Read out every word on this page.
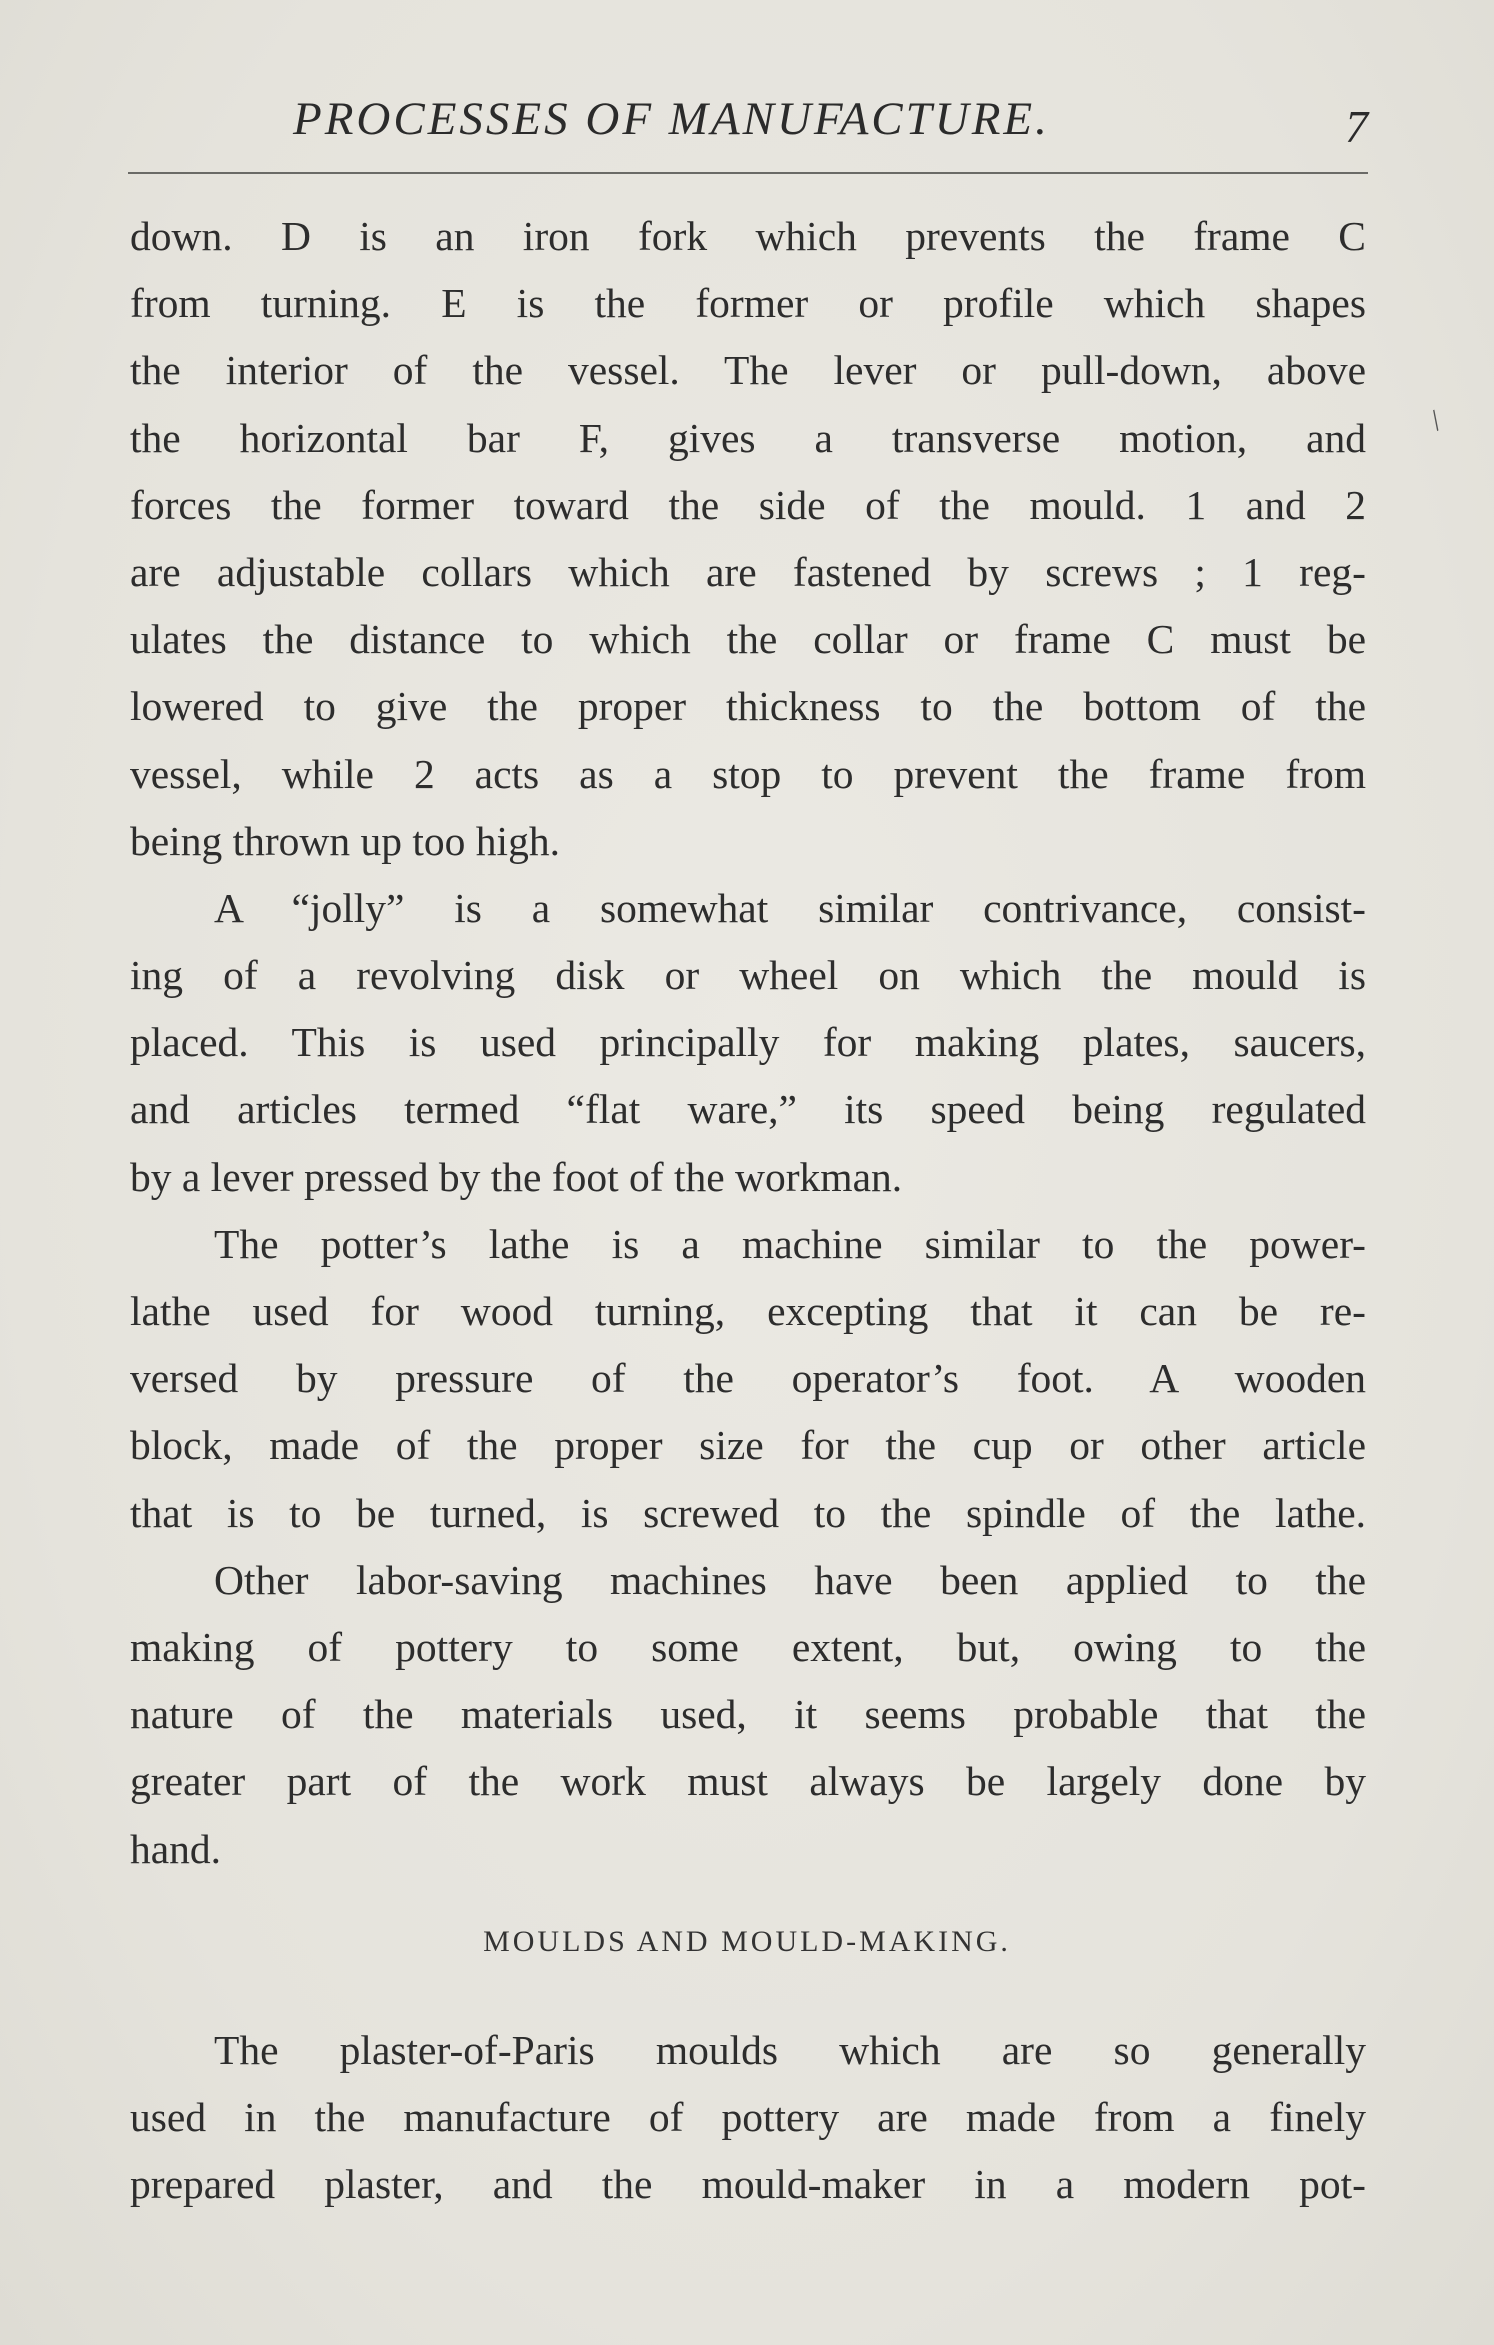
PROCESSES OF MANUFACTURE.	7
/
down. D is an iron fork which prevents the frame C
from turning. E is the former or profile which shapes
the interior of the vessel. The lever or pull-down, above
the horizontal bar F, gives a transverse motion, and
forces the former toward the side of the mould. 1 and 2
are adjustable collars which are fastened by screws ; 1 reg-
ulates the distance to which the collar or frame C must be
lowered to give the proper thickness to the bottom of the
vessel, while 2 acts as a stop to prevent the frame from
being thrown up too high.
A “jolly” is a somewhat similar contrivance, consist-
ing of a revolving disk or wheel on which the mould is
placed. This is used principally for making plates, saucers,
and articles termed “flat ware,” its speed being regulated
by a lever pressed by the foot of the workman.
The potter’s lathe is a machine similar to the power-
lathe used for wood turning, excepting that it can be re-
versed by pressure of the operator’s foot. A wooden
block, made of the proper size for the cup or other article
that is to be turned, is screwed to the spindle of the lathe.
Other labor-saving machines have been applied to the
making of pottery to some extent, but, owing to the
nature of the materials used, it seems probable that the
greater part of the work must always be largely done by
hand.
MOULDS AND MOULD-MAKING.
The plaster-of-Paris moulds which are so generally
used in the manufacture of pottery are made from a finely
prepared plaster, and the mould-maker in a modern pot-
